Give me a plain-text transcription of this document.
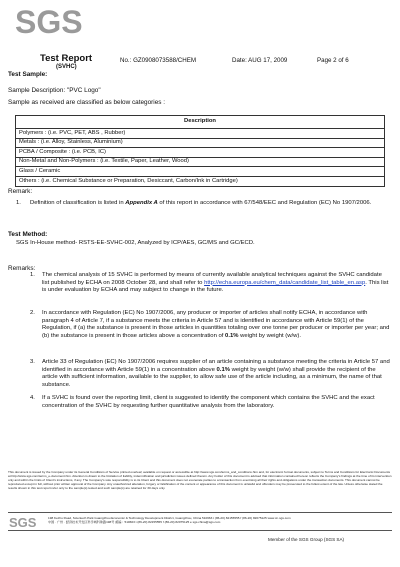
SGS
Test Report
(SVHC)
No.: GZ0908073588/CHEM	Date: AUG 17, 2009	Page 2 of 6
Test Sample:
Sample Description: "PVC Logo"
Sample as received are classified as below categories :
Description
Polymers : (i.e. PVC, PET, ABS , Rubber)
Metals : (i.e. Alloy, Stainless, Aluminium)
PCBA / Composite : (i.e. PCB, IC)
Non-Metal and Non-Polymers : (i.e. Textile, Paper, Leather, Wood)
Glass / Ceramic
Others : (i.e. Chemical Substance or Preparation, Desiccant, Carbon/Ink in Cartridge)
Remark:
1. Definition of classification is listed in Appendix A of this report in accordance with 67/548/EEC and Regulation (EC) No 1907/2006.
Test Method:
SGS In-House method- RSTS-EE-SVHC-002, Analyzed by ICP/AES, GC/MS and GC/ECD.
Remarks:
1. The chemical analysis of 15 SVHC is performed by means of currently available analytical techniques against the SVHC candidate list published by ECHA on 2008 October 28, and shall refer to http://echa.europa.eu/chem_data/candidate_list_table_en.asp. This list is under evaluation by ECHA and may subject to change in the future.
2. In accordance with Regulation (EC) No 1907/2006, any producer or importer of articles shall notify ECHA, in accordance with paragraph 4 of Article 7, if a substance meets the criteria in Article 57 and is identified in accordance with Article 59(1) of the Regulation, if (a) the substance is present in those articles in quantities totaling over one tonne per producer or importer per year; and (b) the substance is present in those articles above a concentration of 0.1% weight by weight (w/w).
3. Article 33 of Regulation (EC) No 1907/2006 requires supplier of an article containing a substance meeting the criteria in Article 57 and identified in accordance with Article 59(1) in a concentration above 0.1% weight by weight (w/w) shall provide the recipient of the article with sufficient information, available to the supplier, to allow safe use of the article including, as a minimum, the name of that substance.
4. If a SVHC is found over the reporting limit, client is suggested to identify the component which contains the SVHC and the exact concentration of the SVHC by requesting further quantitative analysis from the laboratory.
This document is issued by the Company under its General Conditions of Service printed overleaf, available on request or accessible at http://www.sgs.com/terms_and_conditions.htm and, for electronic format documents, subject to Terms and Conditions for Electronic Documents at http://www.sgs.com/terms_e-document.htm. Attention is drawn to the limitation of liability, indemnification and jurisdiction issues defined therein. Any holder of this document is advised that information contained hereon reflects the Company's findings at the time of its intervention only and within the limits of Client's instructions, if any. The Company's sole responsibility is to its Client and this document does not exonerate parties to a transaction from exercising all their rights and obligations under the transaction documents. This document cannot be reproduced except in full, without prior written approval of the Company. Any unauthorized alteration, forgery or falsification of the content or appearance of this document is unlawful and offenders may be prosecuted to the fullest extent of the law. Unless otherwise stated the results shown in this test report refer only to the sample(s) tested and such sample(s) are retained for 30 days only.
SGS	198 Kezhu Road, Scientech Park Guangzhou Economic & Technology Development District, Guangzhou, China 510663 t (86-20) 82155555 f (86-20) 82075125 www.cn.sgs.com
中国 · 广州 · 经济技术开发区科学城科珠路198号 邮编：510663 t (86-20) 82155555 f (86-20) 82075125 e sgs.china@sgs.com
Member of the SGS Group (SGS SA)
